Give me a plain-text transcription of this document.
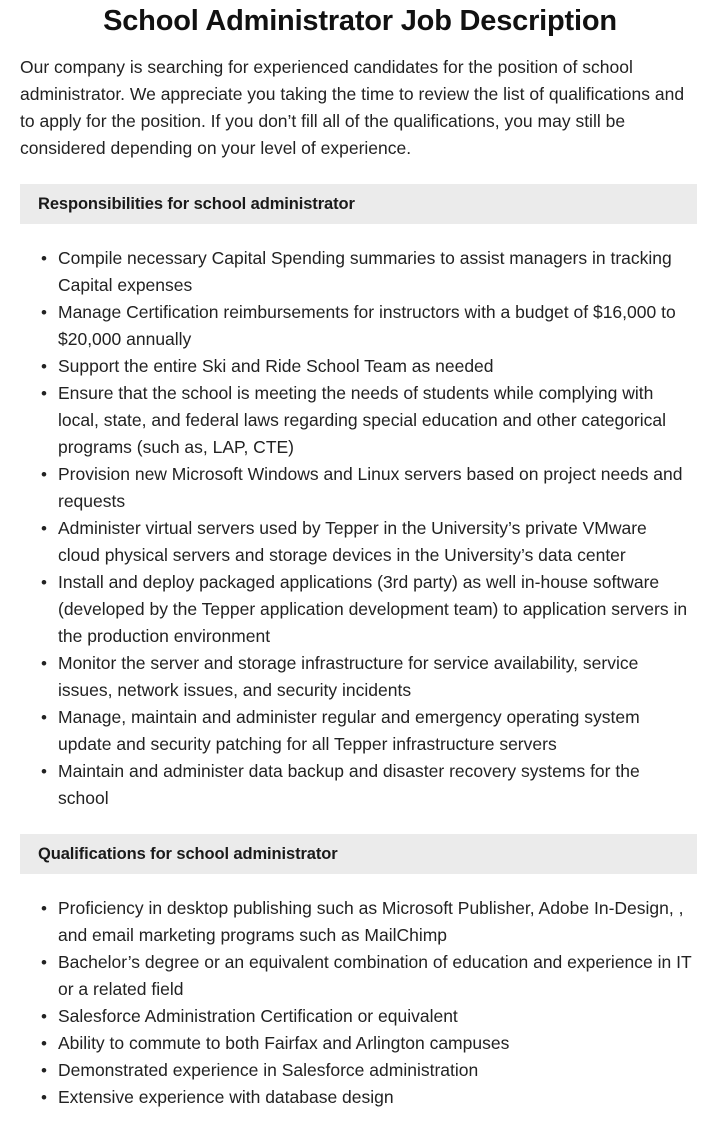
School Administrator Job Description

Our company is searching for experienced candidates for the position of school administrator. We appreciate you taking the time to review the list of qualifications and to apply for the position. If you don’t fill all of the qualifications, you may still be considered depending on your level of experience.

Responsibilities for school administrator
• Compile necessary Capital Spending summaries to assist managers in tracking Capital expenses
• Manage Certification reimbursements for instructors with a budget of $16,000 to $20,000 annually
• Support the entire Ski and Ride School Team as needed
• Ensure that the school is meeting the needs of students while complying with local, state, and federal laws regarding special education and other categorical programs (such as, LAP, CTE)
• Provision new Microsoft Windows and Linux servers based on project needs and requests
• Administer virtual servers used by Tepper in the University’s private VMware cloud physical servers and storage devices in the University’s data center
• Install and deploy packaged applications (3rd party) as well in-house software (developed by the Tepper application development team) to application servers in the production environment
• Monitor the server and storage infrastructure for service availability, service issues, network issues, and security incidents
• Manage, maintain and administer regular and emergency operating system update and security patching for all Tepper infrastructure servers
• Maintain and administer data backup and disaster recovery systems for the school
Qualifications for school administrator
• Proficiency in desktop publishing such as Microsoft Publisher, Adobe In-Design, , and email marketing programs such as MailChimp
• Bachelor’s degree or an equivalent combination of education and experience in IT or a related field
• Salesforce Administration Certification or equivalent
• Ability to commute to both Fairfax and Arlington campuses
• Demonstrated experience in Salesforce administration
• Extensive experience with database design
